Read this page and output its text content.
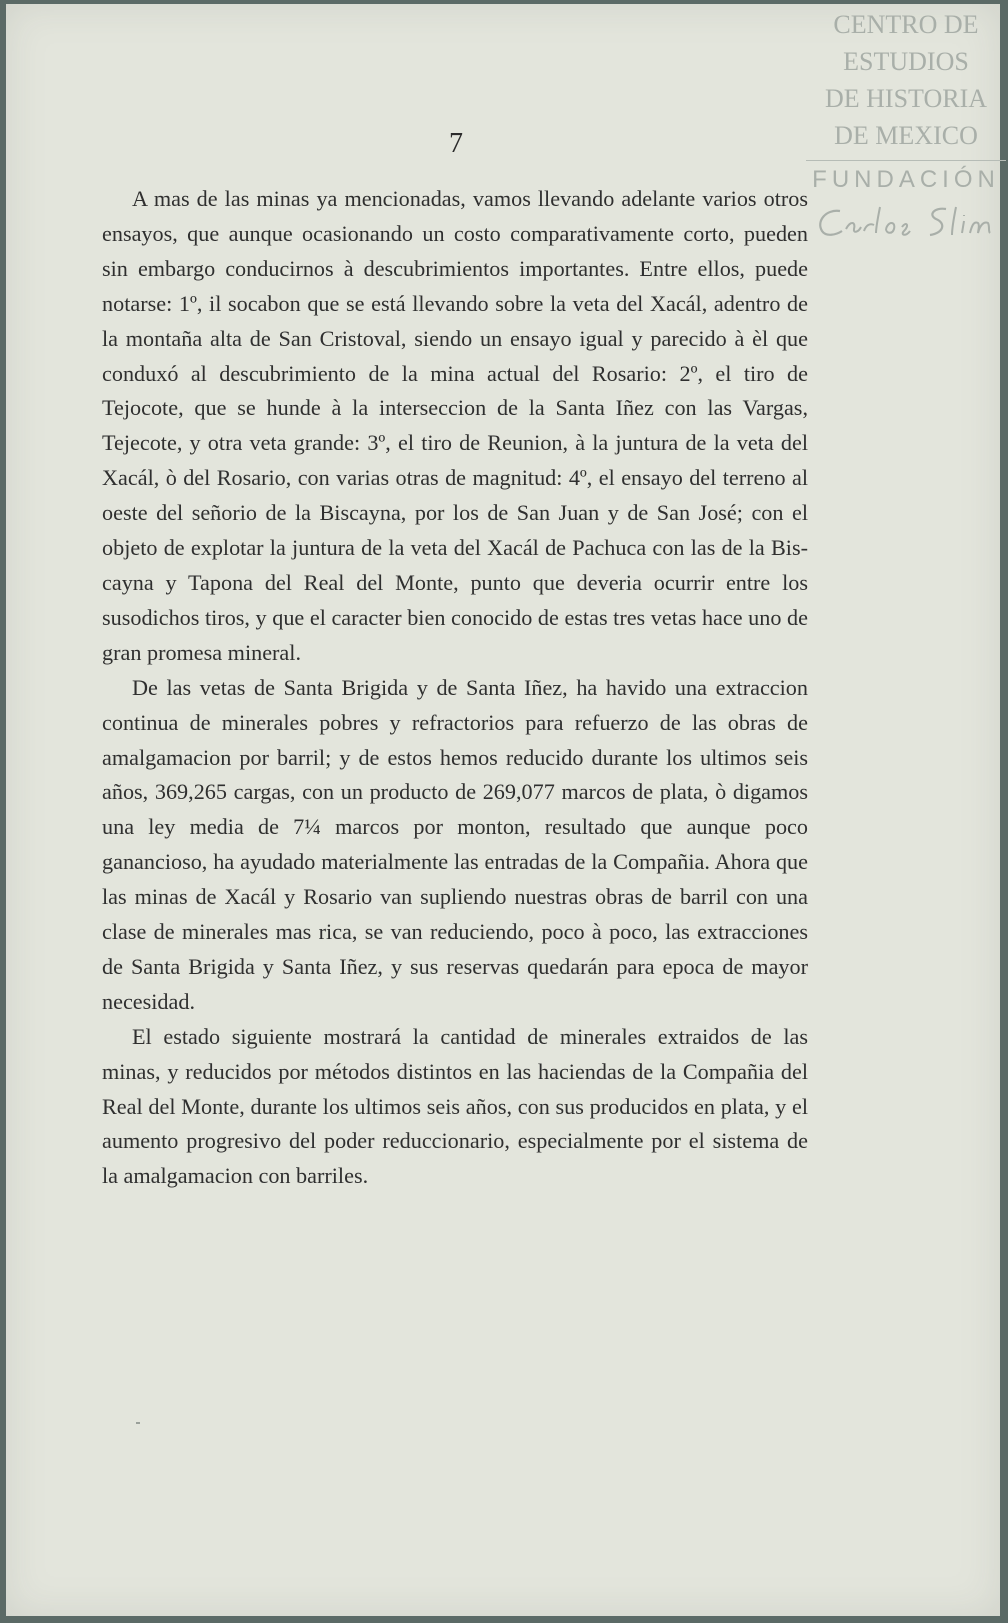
CENTRO DE
ESTUDIOS
DE HISTORIA
DE MEXICO
FUNDACIÓN
7

A mas de las minas ya mencionadas, vamos llevando adelante varios otros ensayos, que aunque ocasionando un costo comparativamente corto, pueden sin embargo conducirnos à descubrimientos importantes. Entre ellos, puede notarse: 1º, il socabon que se está llevando sobre la veta del Xacál, adentro de la montaña alta de San Cristoval, siendo un ensayo igual y parecido à èl que conduxó al descubrimiento de la mina actual del Rosario: 2º, el tiro de Tejocote, que se hunde à la interseccion de la Santa Iñez con las Vargas, Tejecote, y otra veta grande: 3º, el tiro de Reunion, à la juntura de la veta del Xacál, ò del Rosario, con varias otras de magnitud: 4º, el ensayo del terreno al oeste del señorio de la Biscayna, por los de San Juan y de San José; con el objeto de explotar la juntura de la veta del Xacál de Pachuca con las de la Biscayna y Tapona del Real del Monte, punto que deveria ocurrir entre los susodichos tiros, y que el caracter bien conocido de estas tres vetas hace uno de gran promesa mineral.

De las vetas de Santa Brigida y de Santa Iñez, ha havido una extraccion continua de minerales pobres y refractorios para refuerzo de las obras de amalgamacion por barril; y de estos hemos reducido durante los ultimos seis años, 369,265 cargas, con un producto de 269,077 marcos de plata, ò digamos una ley media de 7¼ marcos por monton, resultado que aunque poco ganancioso, ha ayudado materialmente las entradas de la Compañia. Ahora que las minas de Xacál y Rosario van supliendo nuestras obras de barril con una clase de minerales mas rica, se van reduciendo, poco à poco, las extracciones de Santa Brigida y Santa Iñez, y sus reservas quedarán para epoca de mayor necesidad.

El estado siguiente mostrará la cantidad de minerales extraidos de las minas, y reducidos por métodos distintos en las haciendas de la Compañia del Real del Monte, durante los ultimos seis años, con sus producidos en plata, y el aumento progresivo del poder reduccionario, especialmente por el sistema de la amalgamacion con barriles.
